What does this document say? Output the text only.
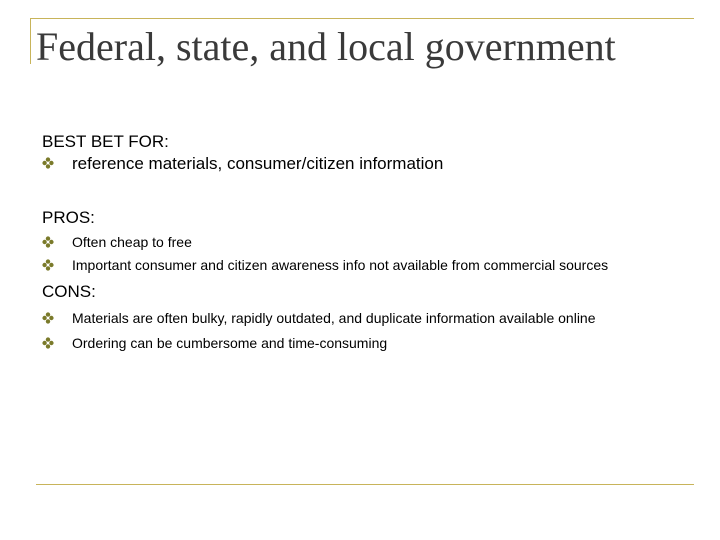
Federal, state, and local government
BEST BET FOR:
reference materials, consumer/citizen information
PROS:
Often cheap to free
Important consumer and citizen awareness info not available from commercial sources
CONS:
Materials are often bulky, rapidly outdated, and duplicate information available online
Ordering can be cumbersome and time-consuming
